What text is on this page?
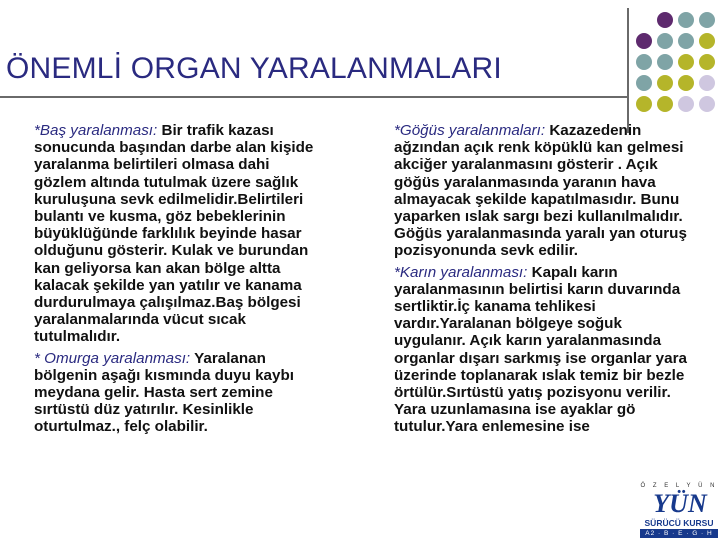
ÖNEMLİ ORGAN YARALANMALARI

*Baş yaralanması: Bir trafik kazası sonucunda başından darbe alan kişide yaralanma belirtileri olmasa dahi gözlem altında tutulmak üzere sağlık kuruluşuna sevk edilmelidir.Belirtileri bulantı ve kusma, göz bebeklerinin büyüklüğünde farklılık beyinde hasar olduğunu gösterir. Kulak ve burundan kan geliyorsa kan akan bölge altta kalacak şekilde yan yatılır ve kanama durdurulmaya çalışılmaz.Baş bölgesi yaralanmalarında vücut sıcak tutulmalıdır.

* Omurga yaralanması: Yaralanan bölgenin aşağı kısmında duyu kaybı meydana gelir. Hasta sert zemine sırtüstü düz yatırılır. Kesinlikle oturtulmaz., felç olabilir.

*Göğüs yaralanmaları: Kazazedenin ağzından açık renk köpüklü kan gelmesi akciğer yaralanmasını gösterir . Açık göğüs yaralanmasında yaranın hava almayacak şekilde kapatılmasıdır. Bunu yaparken ıslak sargı bezi kullanılmalıdır. Göğüs yaralanmasında yaralı yan oturuş pozisyonunda sevk edilir.

*Karın yaralanması: Kapalı karın yaralanmasının belirtisi karın duvarında sertliktir.İç kanama tehlikesi vardır.Yaralanan bölgeye soğuk uygulanır. Açık karın yaralanmasında organlar dışarı sarkmış ise organlar yara üzerinde toplanarak ıslak temiz bir bezle örtülür.Sırtüstü yatış pozisyonu verilir. Yara uzunlamasına ise ayaklar gö tutulur.Yara enlemesine ise

Ö Z E L Y Ü N
YÜN
SÜRÜCÜ KURSU
A2 · B · E · G · H
